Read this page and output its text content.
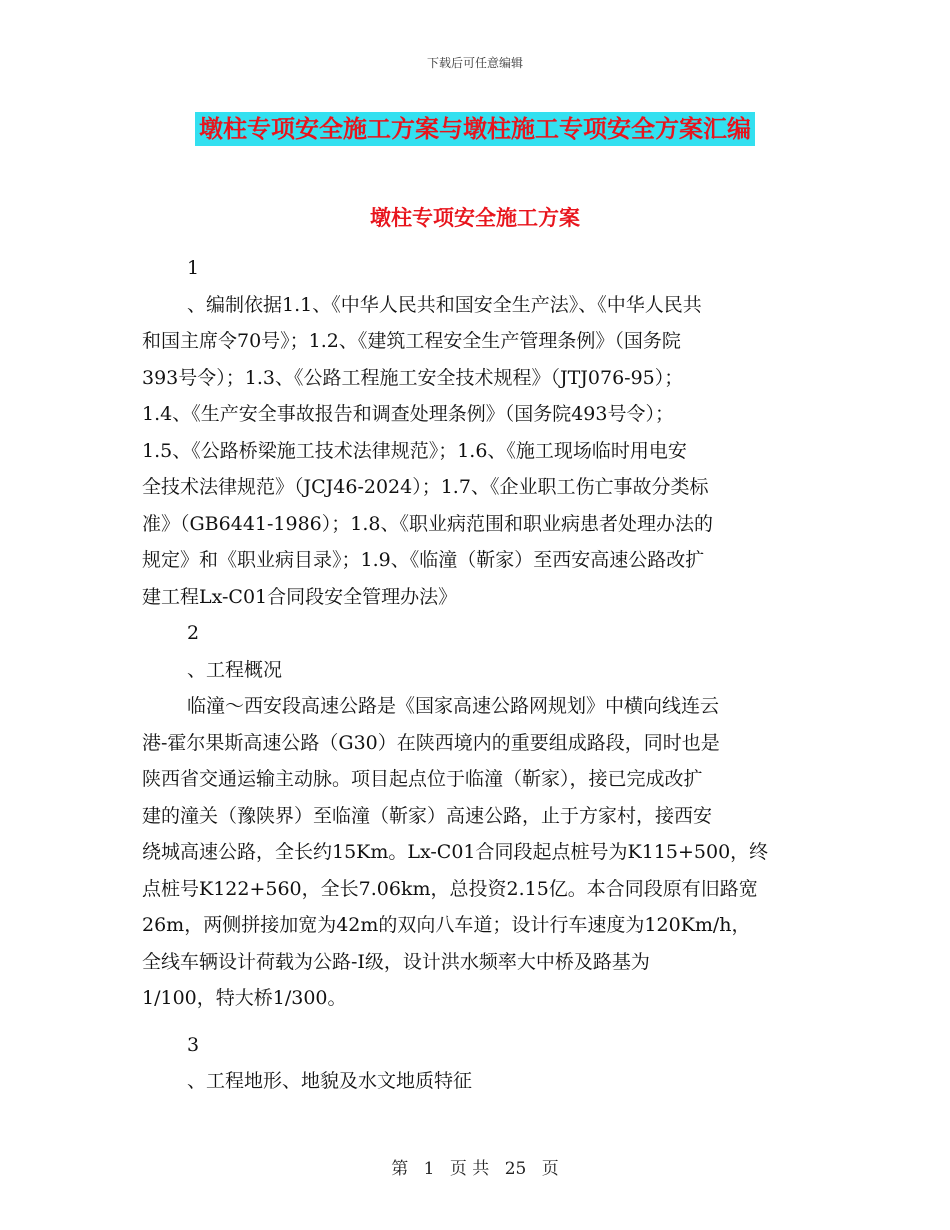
下载后可任意编辑
墩柱专项安全施工方案与墩柱施工专项安全方案汇编
墩柱专项安全施工方案

1

、编制依据1.1、《中华人民共和国安全生产法》、《中华人民共

和国主席令70号》；1.2、《建筑工程安全生产管理条例》（国务院

393号令）；1.3、《公路工程施工安全技术规程》（JTJ076-95）；

1.4、《生产安全事故报告和调查处理条例》（国务院493号令）；

1.5、《公路桥梁施工技术法律规范》；1.6、《施工现场临时用电安

全技术法律规范》（JCJ46-2024）；1.7、《企业职工伤亡事故分类标

准》（GB6441-1986）；1.8、《职业病范围和职业病患者处理办法的

规定》和《职业病目录》；1.9、《临潼（靳家）至西安高速公路改扩

建工程Lx-C01合同段安全管理办法》

2

、工程概况

临潼～西安段高速公路是《国家高速公路网规划》中横向线连云

港-霍尔果斯高速公路（G30）在陕西境内的重要组成路段，同时也是

陕西省交通运输主动脉。项目起点位于临潼（靳家），接已完成改扩

建的潼关（豫陕界）至临潼（靳家）高速公路，止于方家村，接西安

绕城高速公路，全长约15Km。Lx-C01合同段起点桩号为K115+500，终

点桩号K122+560，全长7.06km，总投资2.15亿。本合同段原有旧路宽

26m，两侧拼接加宽为42m的双向八车道；设计行车速度为120Km/h，

全线车辆设计荷载为公路-Ⅰ级，设计洪水频率大中桥及路基为

1/100，特大桥1/300。

3

、工程地形、地貌及水文地质特征

第 1 页 共 25 页
